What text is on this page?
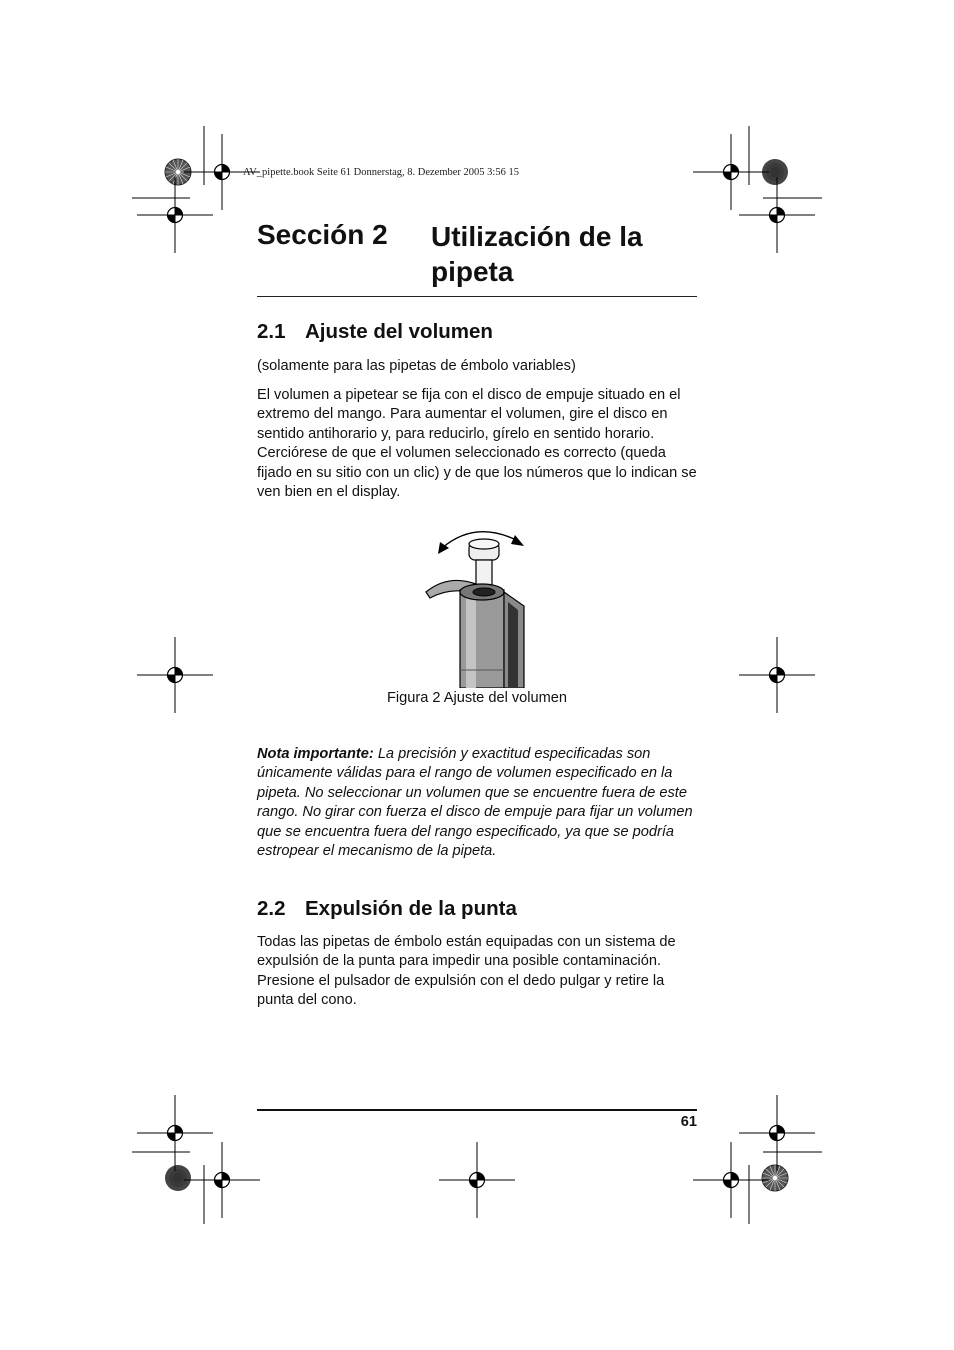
AV_pipette.book Seite 61 Donnerstag, 8. Dezember 2005 3:56 15
Sección 2 Utilización de la pipeta
2.1 Ajuste del volumen
(solamente para las pipetas de émbolo variables)
El volumen a pipetear se fija con el disco de empuje situado en el extremo del mango. Para aumentar el volumen, gire el disco en sentido antihorario y, para reducirlo, gírelo en sentido horario. Cerciórese de que el volumen seleccionado es correcto (queda fijado en su sitio con un clic) y de que los números que lo indican se ven bien en el display.
Figura 2 Ajuste del volumen
Nota importante: La precisión y exactitud especificadas son únicamente válidas para el rango de volumen especificado en la pipeta. No seleccionar un volumen que se encuentre fuera de este rango. No girar con fuerza el disco de empuje para fijar un volumen que se encuentra fuera del rango especificado, ya que se podría estropear el mecanismo de la pipeta.
2.2 Expulsión de la punta
Todas las pipetas de émbolo están equipadas con un sistema de expulsión de la punta para impedir una posible contaminación. Presione el pulsador de expulsión con el dedo pulgar y retire la punta del cono.
61
